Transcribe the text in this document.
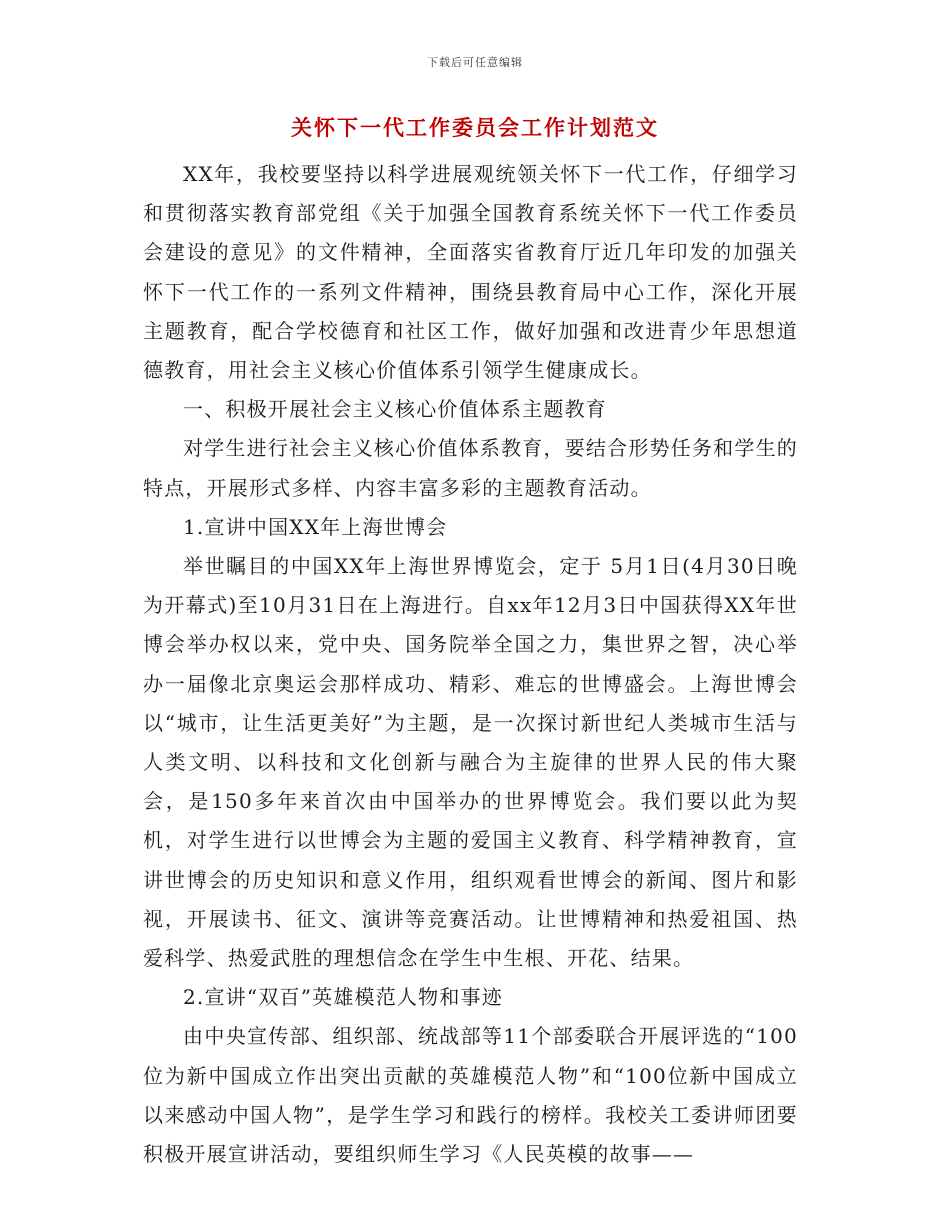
下载后可任意编辑
关怀下一代工作委员会工作计划范文

XX年，我校要坚持以科学进展观统领关怀下一代工作，仔细学习和贯彻落实教育部党组《关于加强全国教育系统关怀下一代工作委员会建设的意见》的文件精神，全面落实省教育厅近几年印发的加强关怀下一代工作的一系列文件精神，围绕县教育局中心工作，深化开展主题教育，配合学校德育和社区工作，做好加强和改进青少年思想道德教育，用社会主义核心价值体系引领学生健康成长。

一、积极开展社会主义核心价值体系主题教育

对学生进行社会主义核心价值体系教育，要结合形势任务和学生的特点，开展形式多样、内容丰富多彩的主题教育活动。

1.宣讲中国XX年上海世博会

举世瞩目的中国XX年上海世界博览会，定于 5月1日(4月30日晚为开幕式)至10月31日在上海进行。自xx年12月3日中国获得XX年世博会举办权以来，党中央、国务院举全国之力，集世界之智，决心举办一届像北京奥运会那样成功、精彩、难忘的世博盛会。上海世博会以“城市，让生活更美好”为主题，是一次探讨新世纪人类城市生活与人类文明、以科技和文化创新与融合为主旋律的世界人民的伟大聚会，是150多年来首次由中国举办的世界博览会。我们要以此为契机，对学生进行以世博会为主题的爱国主义教育、科学精神教育，宣讲世博会的历史知识和意义作用，组织观看世博会的新闻、图片和影视，开展读书、征文、演讲等竞赛活动。让世博精神和热爱祖国、热爱科学、热爱武胜的理想信念在学生中生根、开花、结果。

2.宣讲“双百”英雄模范人物和事迹

由中央宣传部、组织部、统战部等11个部委联合开展评选的“100位为新中国成立作出突出贡献的英雄模范人物”和“100位新中国成立以来感动中国人物”，是学生学习和践行的榜样。我校关工委讲师团要积极开展宣讲活动，要组织师生学习《人民英模的故事——
